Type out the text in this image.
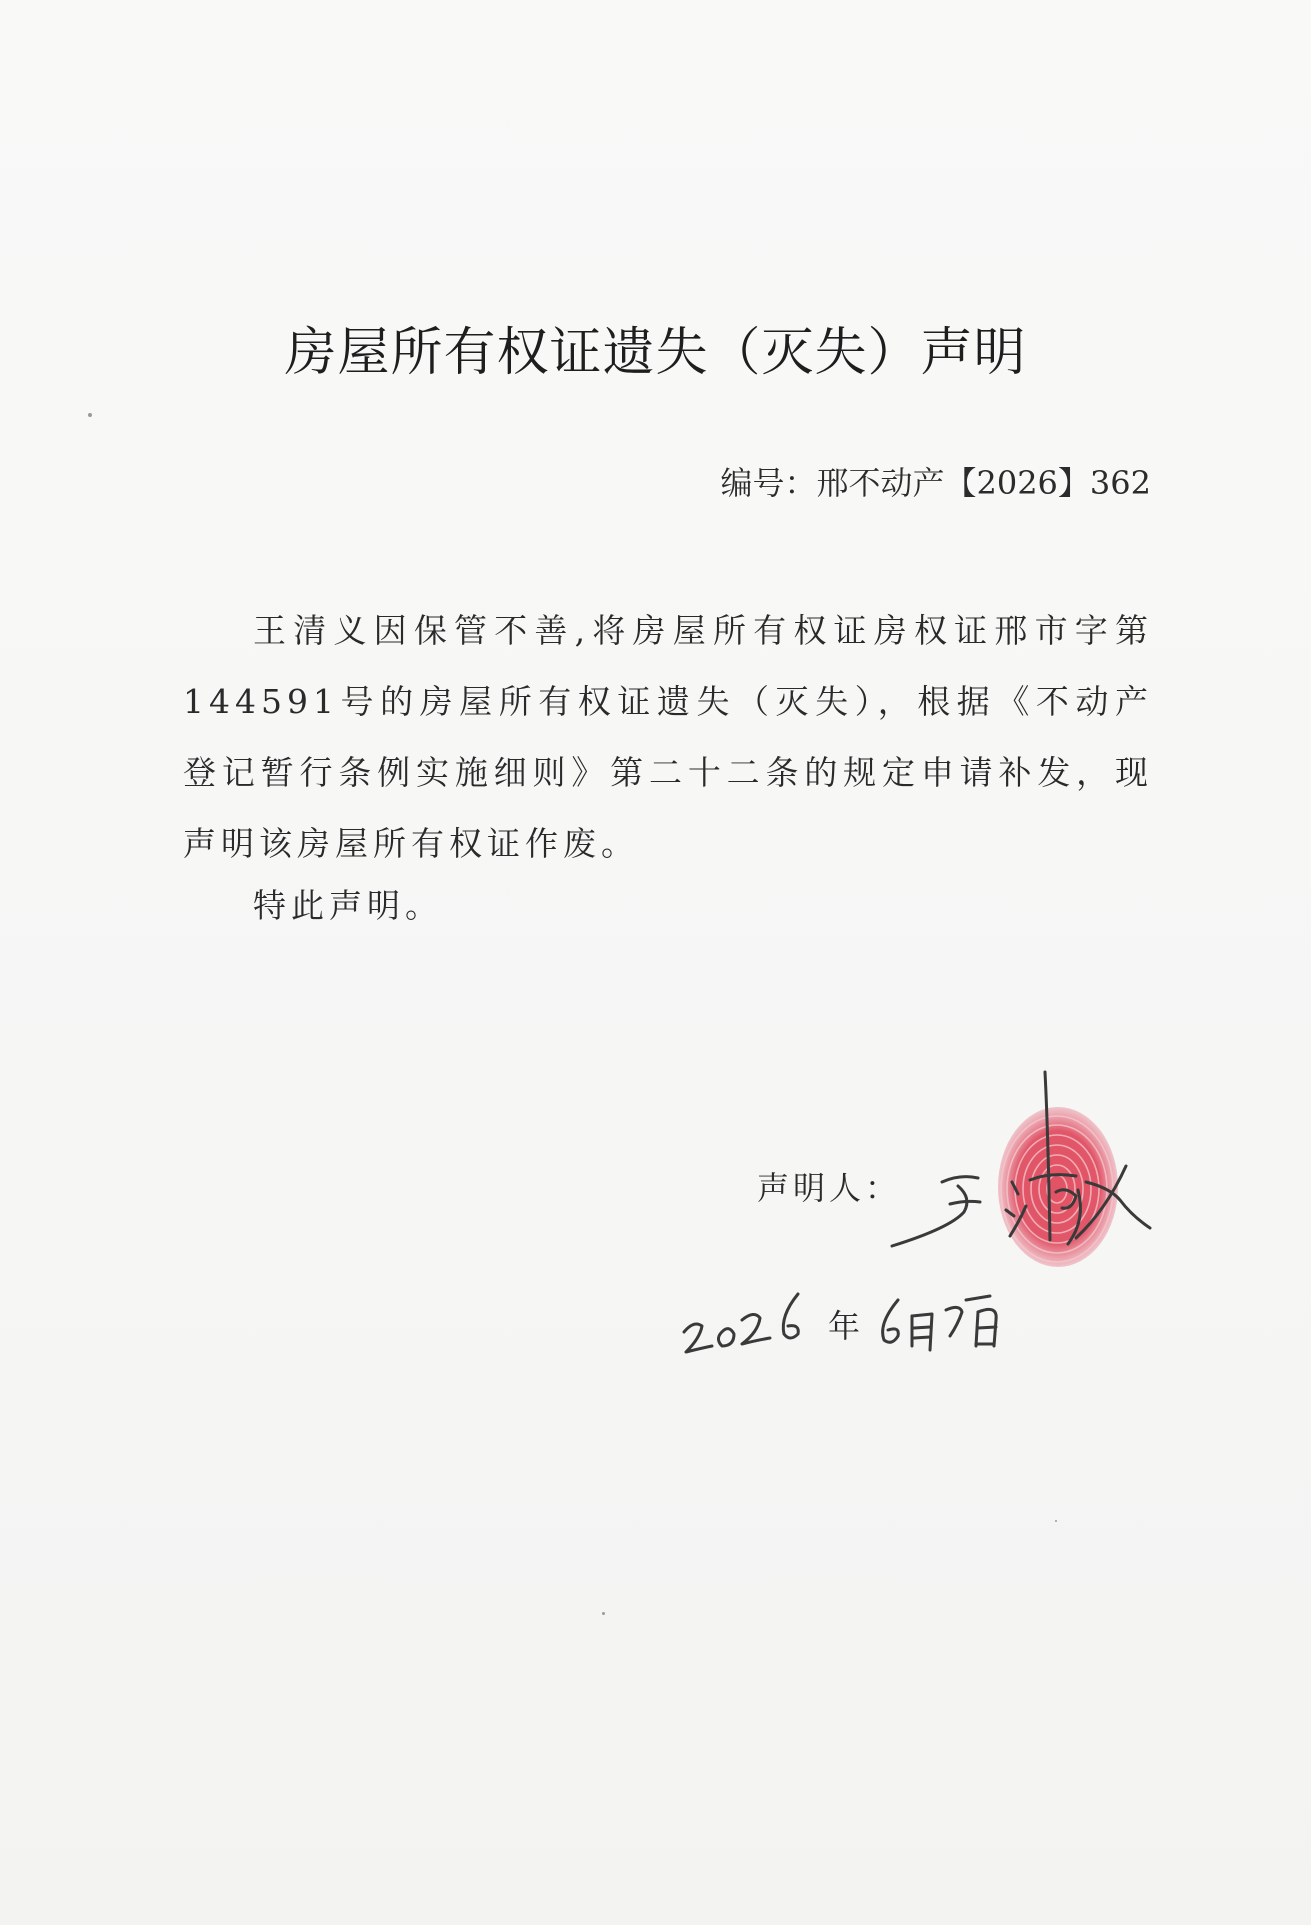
房屋所有权证遗失（灭失）声明
编号：邢不动产【2026】362

王清义因保管不善,将房屋所有权证房权证邢市字第144591号的房屋所有权证遗失（灭失），根据《不动产登记暂行条例实施细则》第二十二条的规定申请补发，现声明该房屋所有权证作废。

特此声明。
声明人：
年
